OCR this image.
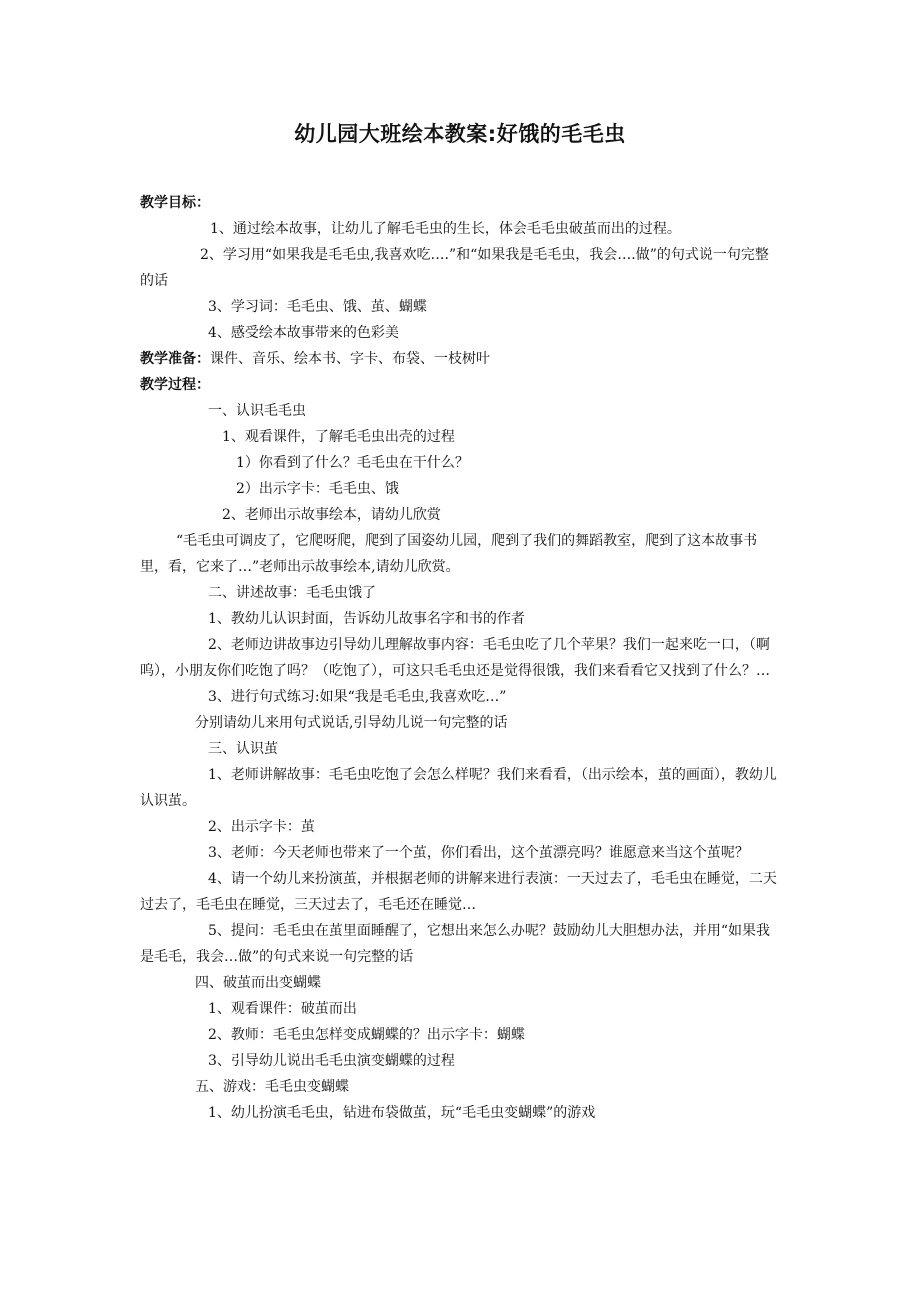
幼儿园大班绘本教案:好饿的毛毛虫
教学目标：
1、通过绘本故事，让幼儿了解毛毛虫的生长，体会毛毛虫破茧而出的过程。
2、学习用“如果我是毛毛虫,我喜欢吃….”和“如果我是毛毛虫，我会….做”的句式说一句完整的话
3、学习词：毛毛虫、饿、茧、蝴蝶
4、感受绘本故事带来的色彩美
教学准备：课件、音乐、绘本书、字卡、布袋、一枝树叶
教学过程：
一、认识毛毛虫
1、观看课件，了解毛毛虫出壳的过程
1）你看到了什么？毛毛虫在干什么？
2）出示字卡：毛毛虫、饿
2、老师出示故事绘本，请幼儿欣赏
“毛毛虫可调皮了，它爬呀爬，爬到了国姿幼儿园，爬到了我们的舞蹈教室，爬到了这本故事书里，看，它来了…”老师出示故事绘本,请幼儿欣赏。
二、讲述故事：毛毛虫饿了
1、教幼儿认识封面，告诉幼儿故事名字和书的作者
2、老师边讲故事边引导幼儿理解故事内容：毛毛虫吃了几个苹果？我们一起来吃一口，（啊呜），小朋友你们吃饱了吗？（吃饱了），可这只毛毛虫还是觉得很饿，我们来看看它又找到了什么？…
3、进行句式练习:如果“我是毛毛虫,我喜欢吃…”
分别请幼儿来用句式说话,引导幼儿说一句完整的话
三、认识茧
1、老师讲解故事：毛毛虫吃饱了会怎么样呢？我们来看看，（出示绘本，茧的画面），教幼儿认识茧。
2、出示字卡：茧
3、老师：今天老师也带来了一个茧，你们看出，这个茧漂亮吗？谁愿意来当这个茧呢？
4、请一个幼儿来扮演茧，并根据老师的讲解来进行表演：一天过去了，毛毛虫在睡觉，二天过去了，毛毛虫在睡觉，三天过去了，毛毛还在睡觉…
5、提问：毛毛虫在茧里面睡醒了，它想出来怎么办呢？鼓励幼儿大胆想办法，并用“如果我是毛毛，我会…做”的句式来说一句完整的话
四、破茧而出变蝴蝶
1、观看课件：破茧而出
2、教师：毛毛虫怎样变成蝴蝶的？出示字卡：蝴蝶
3、引导幼儿说出毛毛虫演变蝴蝶的过程
五、游戏：毛毛虫变蝴蝶
1、幼儿扮演毛毛虫，钻进布袋做茧，玩“毛毛虫变蝴蝶”的游戏
